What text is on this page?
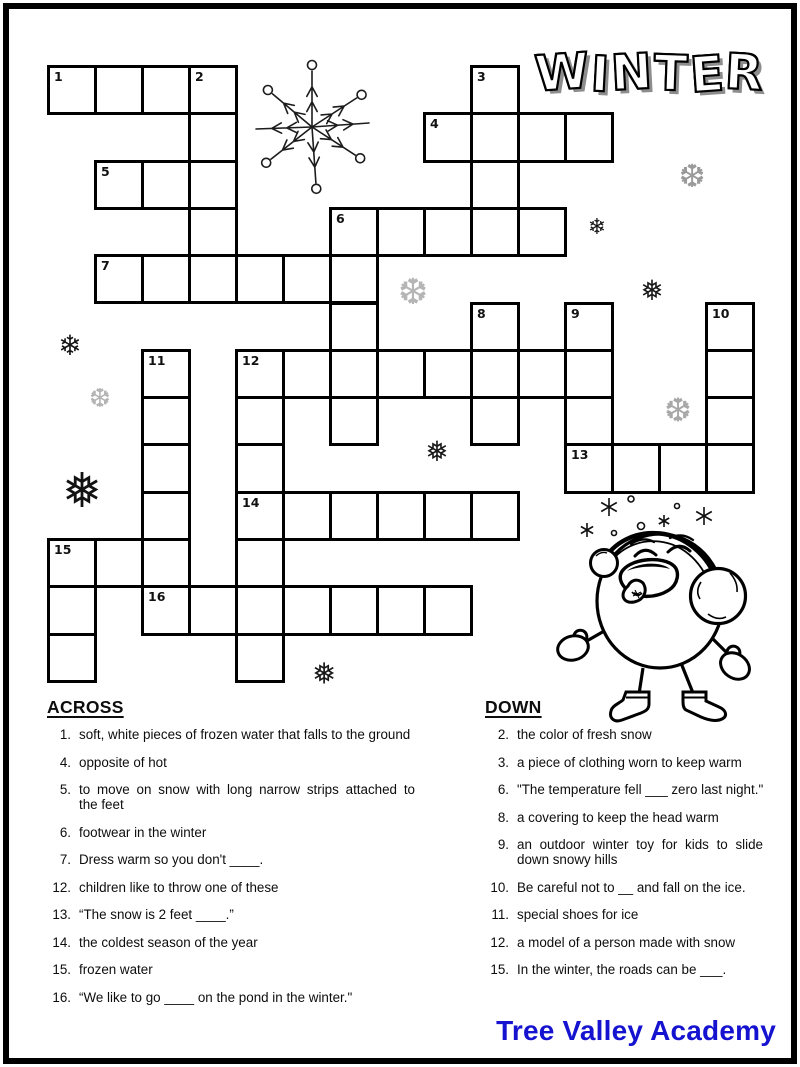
W
I N T E
R
1	2	3
4
5
6
7
8	9
13
10
11
16
12
14
15
❆
❄
❅
❆
❄
❆	❆
❅
❅
❅
ACROSS
1. soft, white pieces of frozen water that falls to the ground
4. opposite of hot
5. to move on snow with long narrow strips attached to
the feet
6. footwear in the winter
7. Dress warm so you don't ____.
12. children like to throw one of these
13. “The snow is 2 feet ____.”
14. the coldest season of the year
15. frozen water
16. “We like to go ____ on the pond in the winter."
DOWN
2. the color of fresh snow
3. a piece of clothing worn to keep warm
6. "The temperature fell ___ zero last night."
8. a covering to keep the head warm
9. an outdoor winter toy for kids to slide
down snowy hills
10. Be careful not to __ and fall on the ice.
11. special shoes for ice
12. a model of a person made with snow
15. In the winter, the roads can be ___.
Tree Valley Academy
